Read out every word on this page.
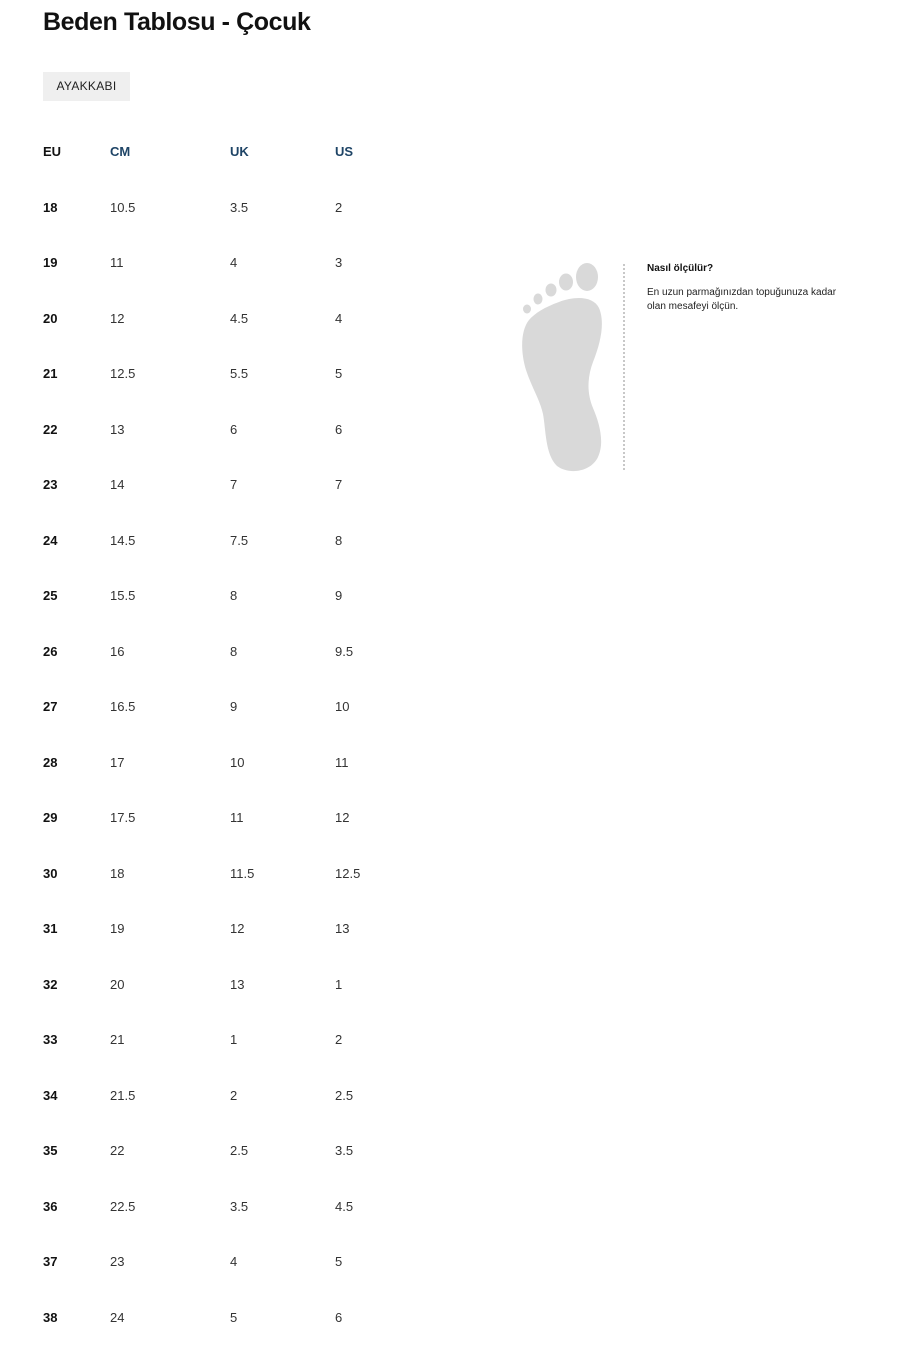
Beden Tablosu - Çocuk
AYAKKABI
EU	CM	UK	US
18	10.5	3.5	2
19	11	4	3
20	12	4.5	4
21	12.5	5.5	5
22	13	6	6
23	14	7	7
24	14.5	7.5	8
25	15.5	8	9
26	16	8	9.5
27	16.5	9	10
28	17	10	11
29	17.5	11	12
30	18	11.5	12.5
31	19	12	13
32	20	13	1
33	21	1	2
34	21.5	2	2.5
35	22	2.5	3.5
36	22.5	3.5	4.5
37	23	4	5
38	24	5	6

Nasıl ölçülür?

En uzun parmağınızdan topuğunuza kadar olan mesafeyi ölçün.
